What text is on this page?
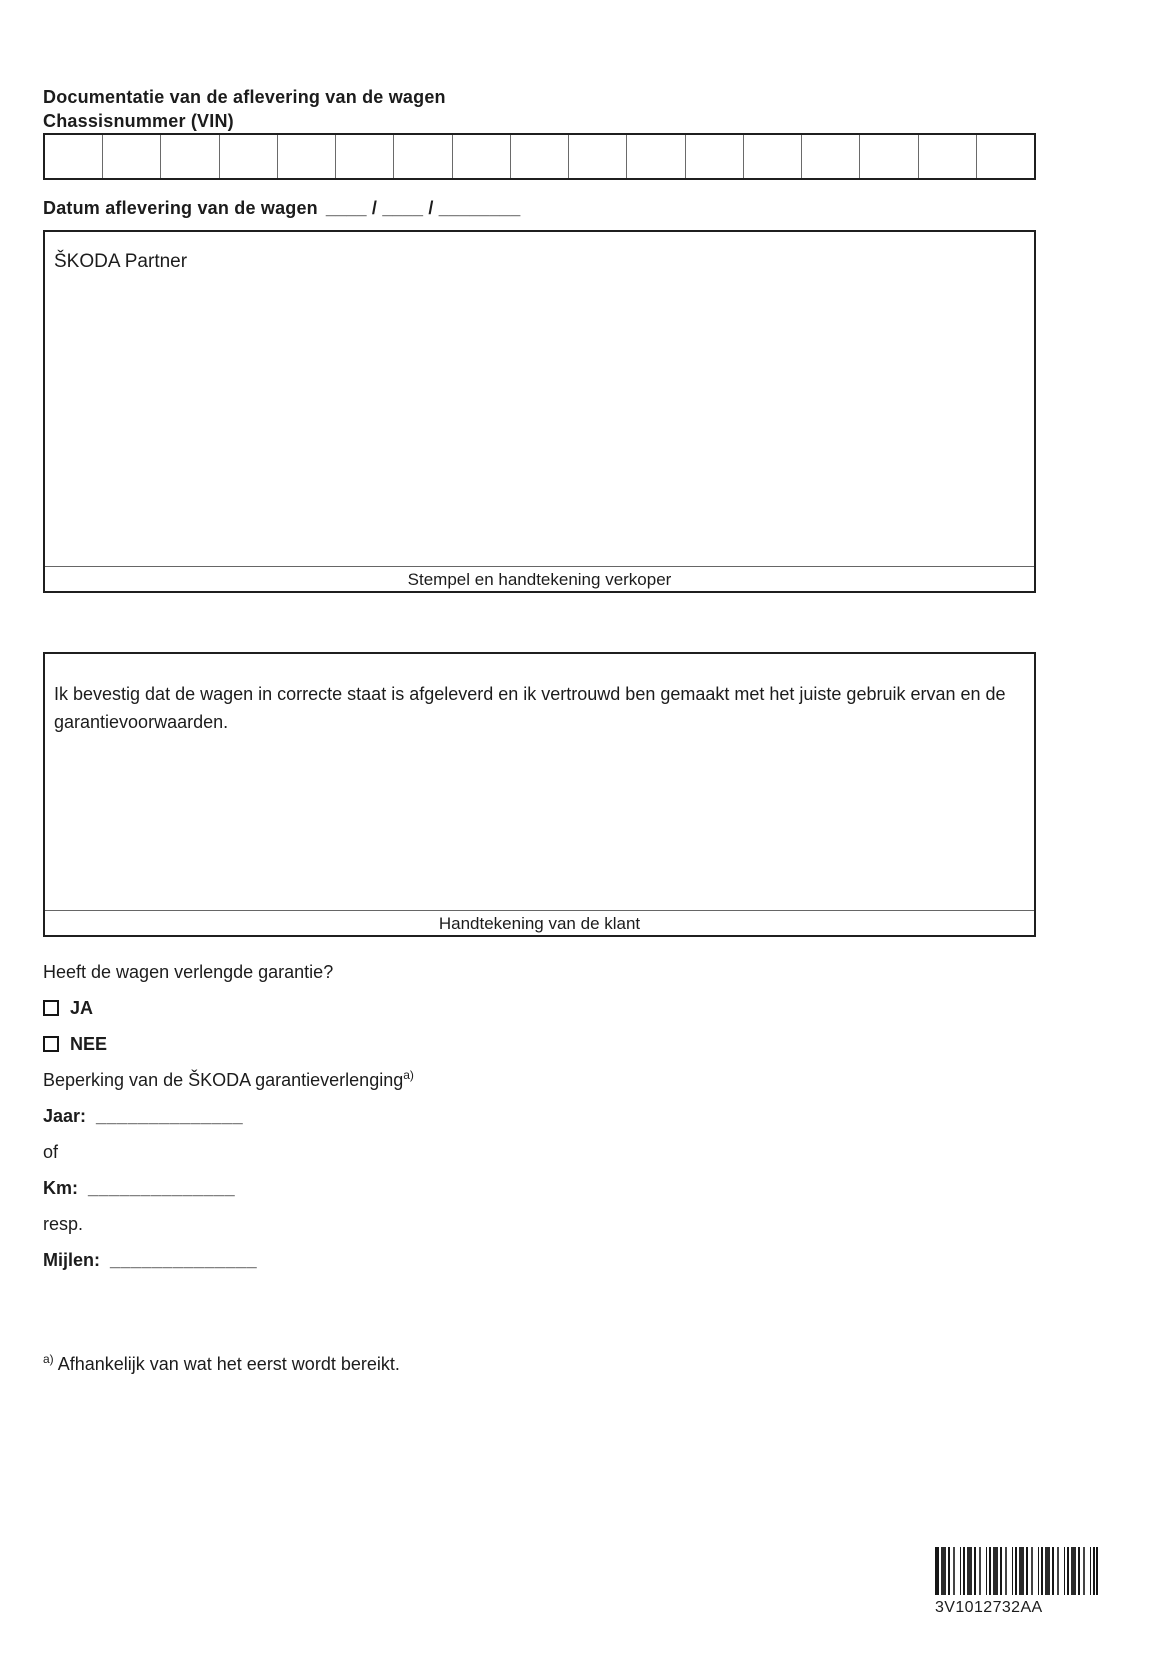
Documentatie van de aflevering van de wagen
Chassisnummer (VIN)
Datum aflevering van de wagen ____ / ____ / ________
ŠKODA Partner
Stempel en handtekening verkoper
Ik bevestig dat de wagen in correcte staat is afgeleverd en ik vertrouwd ben gemaakt met het juiste gebruik ervan en de garantievoorwaarden.
Handtekening van de klant
Heeft de wagen verlengde garantie?
JA
NEE
Beperking van de ŠKODA garantieverlenging$^{a)}$
Jaar: ______________
of
Km: ______________
resp.
Mijlen: ______________
$^{a)}$ Afhankelijk van wat het eerst wordt bereikt.
3V1012732AA
